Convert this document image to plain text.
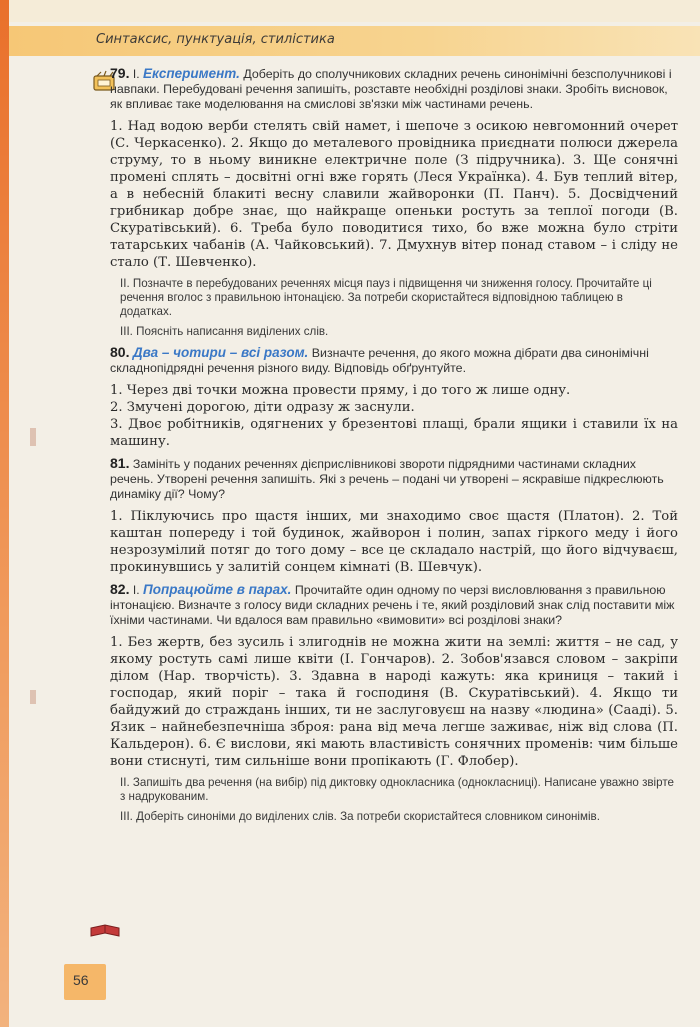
Синтаксис, пунктуація, стилістика

79. I. Експеримент. Доберіть до сполучникових складних речень синонімічні безсполучникові і навпаки. Перебудовані речення запишіть, розставте необхідні розділові знаки. Зробіть висновок, як впливає таке моделювання на смислові зв'язки між частинами речень.

1. Над водою верби стелять свій намет, і шепоче з осикою невгомонний очерет (С. Черкасенко). 2. Якщо до металевого провідника приєднати полюси джерела струму, то в ньому виникне електричне поле (З підручника). 3. Ще сонячні промені сплять – досвітні огні вже горять (Леся Українка). 4. Був теплий вітер, а в небесній блакиті весну славили жайворонки (П. Панч). 5. Досвідчений грибникар добре знає, що найкраще опеньки ростуть за теплої погоди (В. Скуратівський). 6. Треба було поводитися тихо, бо вже можна було стріти татарських чабанів (А. Чайковський). 7. Дмухнув вітер понад ставом – і сліду не стало (Т. Шевченко).

II. Позначте в перебудованих реченнях місця пауз і підвищення чи зниження голосу. Прочитайте ці речення вголос з правильною інтонацією. За потреби скористайтеся відповідною таблицею в додатках.

III. Поясніть написання виділених слів.

80. Два – чотири – всі разом. Визначте речення, до якого можна дібрати два синонімічні складнопідрядні речення різного виду. Відповідь обґрунтуйте.

1. Через дві точки можна провести пряму, і до того ж лише одну.

2. Змучені дорогою, діти одразу ж заснули.

3. Двоє робітників, одягнених у брезентові плащі, брали ящики і ставили їх на машину.

81. Замініть у поданих реченнях дієприслівникові звороти підрядними частинами складних речень. Утворені речення запишіть. Які з речень – подані чи утворені – яскравіше підкреслюють динаміку дії? Чому?

1. Піклуючись про щастя інших, ми знаходимо своє щастя (Платон). 2. Той каштан попереду і той будинок, жайворон і полин, запах гіркого меду і його незрозумілий потяг до того дому – все це складало настрій, що його відчуваєш, прокинувшись у залитій сонцем кімнаті (В. Шевчук).

82. I. Попрацюйте в парах. Прочитайте один одному по черзі висловлювання з правильною інтонацією. Визначте з голосу види складних речень і те, який розділовий знак слід поставити між їхніми частинами. Чи вдалося вам правильно «вимовити» всі розділові знаки?

1. Без жертв, без зусиль і злигоднів не можна жити на землі: життя – не сад, у якому ростуть самі лише квіти (І. Гончаров). 2. Зобов'язався словом – закріпи ділом (Нар. творчість). 3. Здавна в народі кажуть: яка криниця – такий і господар, який поріг – така й господиня (В. Скуратівський). 4. Якщо ти байдужий до страждань інших, ти не заслуговуєш на назву «людина» (Сааді). 5. Язик – найнебезпечніша зброя: рана від меча легше заживає, ніж від слова (П. Кальдерон). 6. Є вислови, які мають властивість сонячних променів: чим більше вони стиснуті, тим сильніше вони пропікають (Г. Флобер).

II. Запишіть два речення (на вибір) під диктовку однокласника (однокласниці). Написане уважно звірте з надрукованим.

III. Доберіть синоніми до виділених слів. За потреби скористайтеся словником синонімів.

56
